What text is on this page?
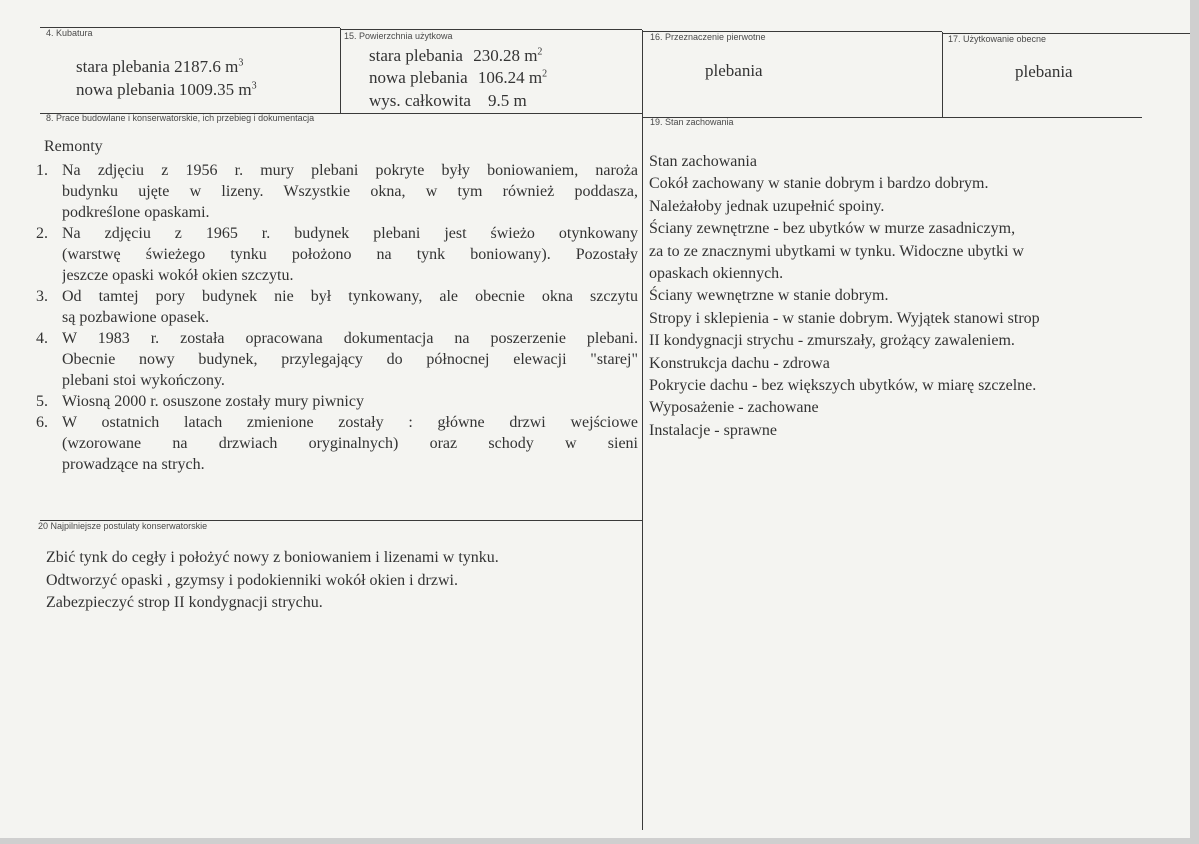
4. Kubatura
stara plebania 2187.6 $m^3$
nowa plebania 1009.35 $m^3$
15. Powierzchnia użytkowa
stara plebania 230.28 $m^2$
nowa plebania 106.24 $m^2$
wys. całkowita    9.5 m
16. Przeznaczenie pierwotne
plebania
17. Użytkowanie obecne
plebania
8. Prace budowlane i konserwatorskie, ich przebieg i dokumentacja
Remonty
1. Na zdjęciu z 1956 r. mury plebani pokryte były boniowaniem, naroża
budynku ujęte w lizeny. Wszystkie okna, w tym również poddasza,
podkreślone opaskami.
2. Na zdjęciu z 1965 r. budynek plebani jest świeżo otynkowany
(warstwę świeżego tynku położono na tynk boniowany). Pozostały
jeszcze opaski wokół okien szczytu.
3. Od tamtej pory budynek nie był tynkowany, ale obecnie okna szczytu
są pozbawione opasek.
4. W 1983 r. została opracowana dokumentacja na poszerzenie plebani.
Obecnie nowy budynek, przylegający do północnej elewacji "starej"
plebani stoi wykończony.
5. Wiosną 2000 r. osuszone zostały mury piwnicy
6. W ostatnich latach zmienione zostały : główne drzwi wejściowe
(wzorowane na drzwiach oryginalnych) oraz schody w sieni
prowadzące na strych.
19. Stan zachowania
Stan zachowania
Cokół zachowany w stanie dobrym i bardzo dobrym.
Należałoby jednak uzupełnić spoiny.
Ściany zewnętrzne - bez ubytków w murze zasadniczym,
za to ze znacznymi ubytkami w tynku. Widoczne ubytki w
opaskach okiennych.
Ściany wewnętrzne w stanie dobrym.
Stropy i sklepienia - w stanie dobrym. Wyjątek stanowi strop
II kondygnacji strychu - zmurszały, grożący zawaleniem.
Konstrukcja dachu - zdrowa
Pokrycie dachu - bez większych ubytków, w miarę szczelne.
Wyposażenie - zachowane
Instalacje - sprawne
20 Najpilniejsze postulaty konserwatorskie
Zbić tynk do cegły i położyć nowy z boniowaniem i lizenami w tynku.
Odtworzyć opaski , gzymsy i podokienniki wokół okien i drzwi.
Zabezpieczyć strop II kondygnacji strychu.
